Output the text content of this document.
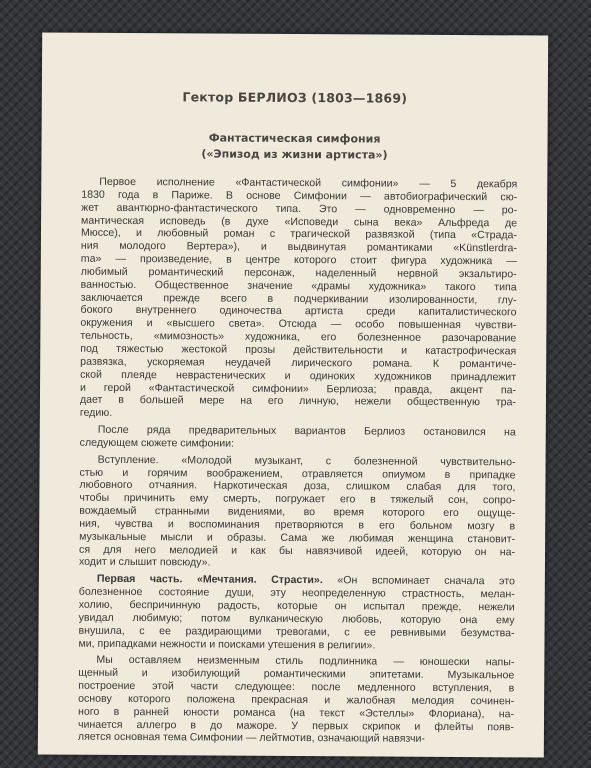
Гектор БЕРЛИОЗ (1803—1869)
Фантастическая симфония
(«Эпизод из жизни артиста»)
Первое исполнение «Фантастической симфонии» — 5 декабря
1830 года в Париже. В основе Симфонии — автобиографический сю-
жет авантюрно-фантастического типа. Это — одновременно — ро-
мантическая исповедь (в духе «Исповеди сына века» Альфреда де
Мюссе), и любовный роман с трагической развязкой (типа «Страда-
ния молодого Вертера»), и выдвинутая романтиками «Künstlerdra-
ma» — произведение, в центре которого стоит фигура художника —
любимый романтический персонаж, наделенный нервной экзальтиро-
ванностью. Общественное значение «драмы художника» такого типа
заключается прежде всего в подчеркивании изолированности, глу-
бокого внутреннего одиночества артиста среди капиталистического
окружения и «высшего света». Отсюда — особо повышенная чувстви-
тельность, «мимозность» художника, его болезненное разочарование
под тяжестью жестокой прозы действительности и катастрофическая
развязка, ускоряемая неудачей лирического романа. К романтиче-
ской плеяде неврастенических и одиноких художников принадлежит
и герой «Фантастической симфонии» Берлиоза; правда, акцент па-
дает в большей мере на его личную, нежели общественную тра-
гедию.
После ряда предварительных вариантов Берлиоз остановился на
следующем сюжете симфонии:
Вступление. «Молодой музыкант, с болезненной чувствительно-
стью и горячим воображением, отравляется опиумом в припадке
любовного отчаяния. Наркотическая доза, слишком слабая для того,
чтобы причинить ему смерть, погружает его в тяжелый сон, сопро-
вождаемый странными видениями, во время которого его ощуще-
ния, чувства и воспоминания претворяются в его больном мозгу в
музыкальные мысли и образы. Сама же любимая женщина становит-
ся для него мелодией и как бы навязчивой идеей, которую он на-
ходит и слышит повсюду».
Первая часть. «Мечтания. Страсти». «Он вспоминает сначала это
болезненное состояние души, эту неопределенную страстность, мелан-
холию, беспричинную радость, которые он испытал прежде, нежели
увидал любимую; потом вулканическую любовь, которую она ему
внушила, с ее раздирающими тревогами, с ее ревнивыми безумства-
ми, припадками нежности и поисками утешения в религии».
Мы оставляем неизменным стиль подлинника — юношески напы-
щенный и изобилующий романтическими эпитетами. Музыкальное
построение этой части следующее: после медленного вступления, в
основу которого положена прекрасная и жалобная мелодия сочинен-
ного в ранней юности романса (на текст «Эстеллы» Флориана), на-
чинается аллегро в до мажоре. У первых скрипок и флейты появ-
ляется основная тема Симфонии — лейтмотив, означающий навязчи-
